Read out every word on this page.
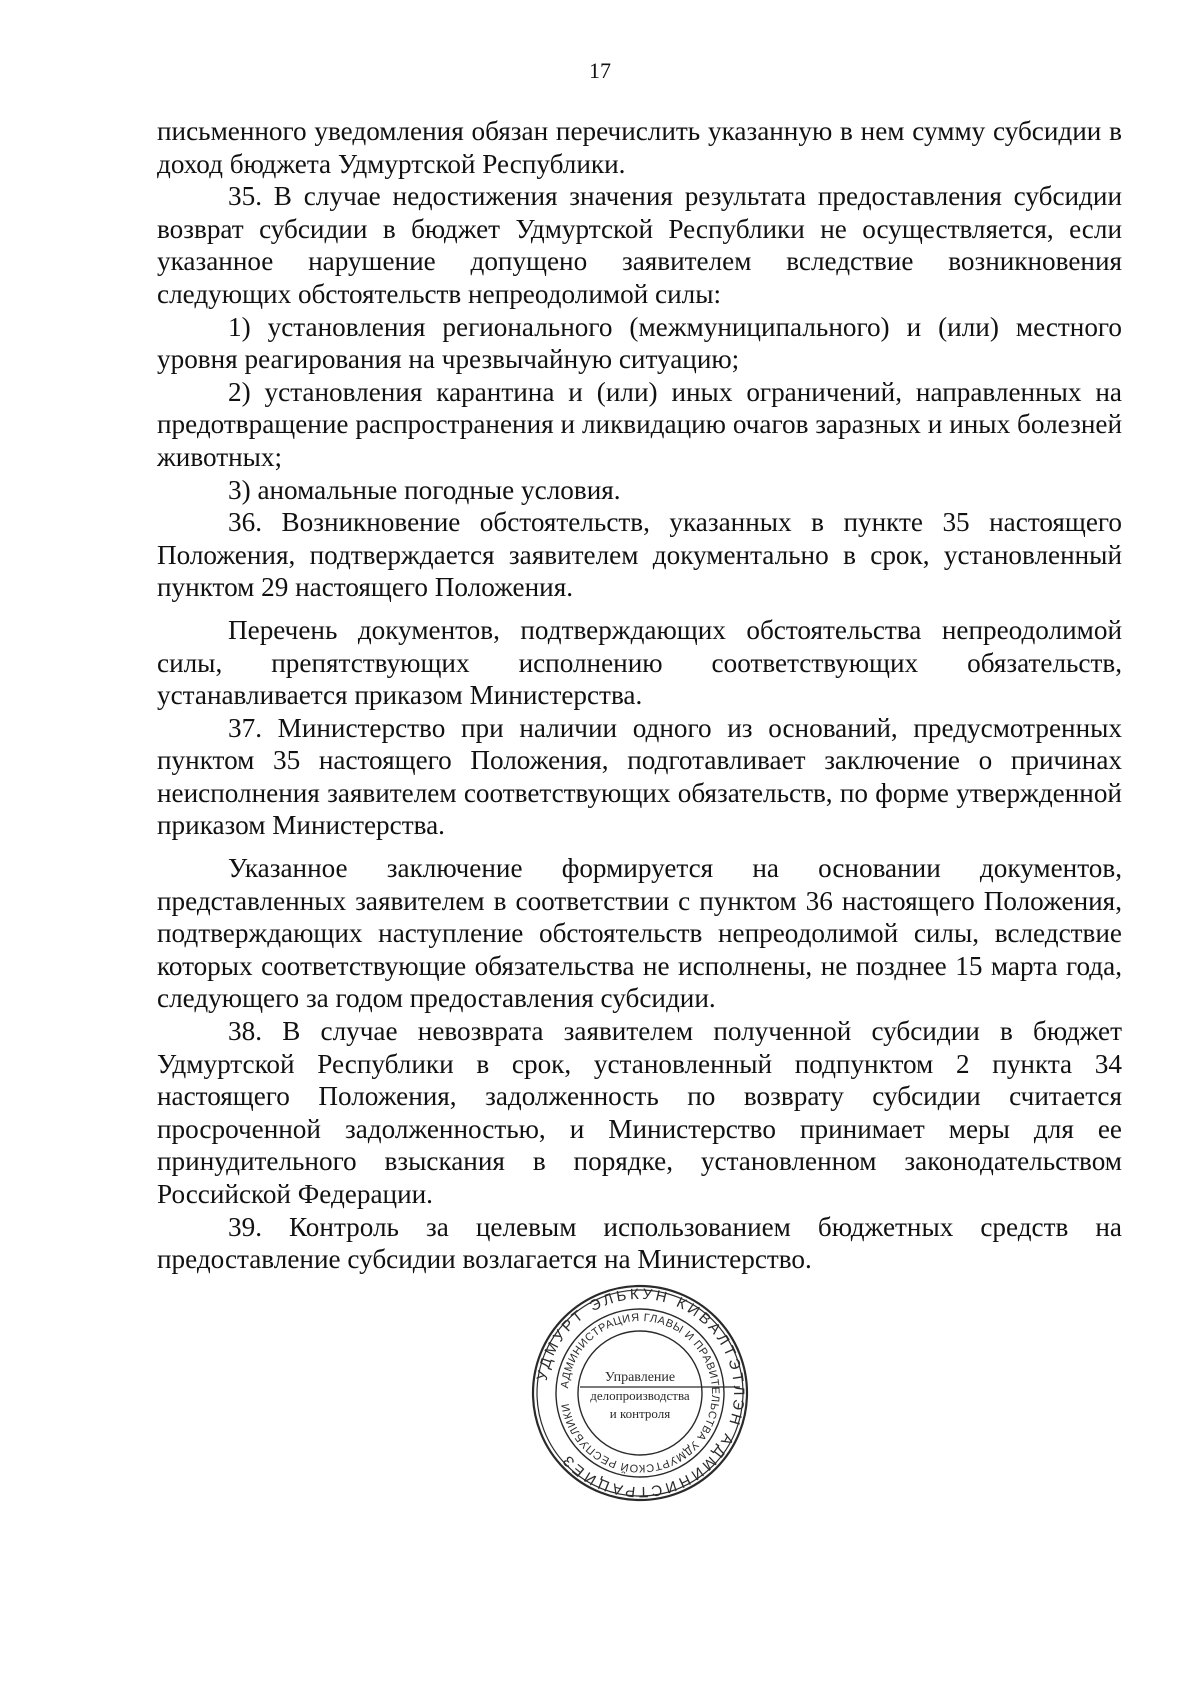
17

письменного уведомления обязан перечислить указанную в нем сумму субсидии в доход бюджета Удмуртской Республики.

35. В случае недостижения значения результата предоставления субсидии возврат субсидии в бюджет Удмуртской Республики не осуществляется, если указанное нарушение допущено заявителем вследствие возникновения следующих обстоятельств непреодолимой силы:

1) установления регионального (межмуниципального) и (или) местного уровня реагирования на чрезвычайную ситуацию;

2) установления карантина и (или) иных ограничений, направленных на предотвращение распространения и ликвидацию очагов заразных и иных болезней животных;

3) аномальные погодные условия.

36. Возникновение обстоятельств, указанных в пункте 35 настоящего Положения, подтверждается заявителем документально в срок, установленный пунктом 29 настоящего Положения.

Перечень документов, подтверждающих обстоятельства непреодолимой силы, препятствующих исполнению соответствующих обязательств, устанавливается приказом Министерства.

37. Министерство при наличии одного из оснований, предусмотренных пунктом 35 настоящего Положения, подготавливает заключение о причинах неисполнения заявителем соответствующих обязательств, по форме утвержденной приказом Министерства.

Указанное заключение формируется на основании документов, представленных заявителем в соответствии с пунктом 36 настоящего Положения, подтверждающих наступление обстоятельств непреодолимой силы, вследствие которых соответствующие обязательства не исполнены, не позднее 15 марта года, следующего за годом предоставления субсидии.

38. В случае невозврата заявителем полученной субсидии в бюджет Удмуртской Республики в срок, установленный подпунктом 2 пункта 34 настоящего Положения, задолженность по возврату субсидии считается просроченной задолженностью, и Министерство принимает меры для ее принудительного взыскания в порядке, установленном законодательством Российской Федерации.

39. Контроль за целевым использованием бюджетных средств на предоставление субсидии возлагается на Министерство.

УДМУРТ ЭЛЬКУН КИВАЛТЭТЛЭН АДМИНИСТРАЦИЕЗ
АДМИНИСТРАЦИЯ ГЛАВЫ И ПРАВИТЕЛЬСТВА УДМУРТСКОЙ РЕСПУБЛИКИ
Управление
делопроизводства
и контроля
